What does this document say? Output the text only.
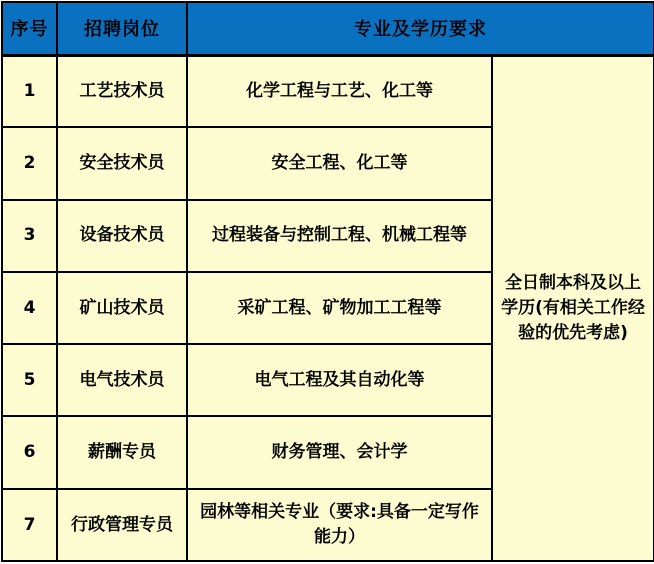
序号	招聘岗位	专业及学历要求	
1	工艺技术员	化学工程与工艺、化工等	全日制本科及以上学历(有相关工作经验的优先考虑)
2	安全技术员	安全工程、化工等	
3	设备技术员	过程装备与控制工程、机械工程等	
4	矿山技术员	采矿工程、矿物加工工程等	
5	电气技术员	电气工程及其自动化等	
6	薪酬专员	财务管理、会计学	
7	行政管理专员	园林等相关专业（要求:具备一定写作能力）	
